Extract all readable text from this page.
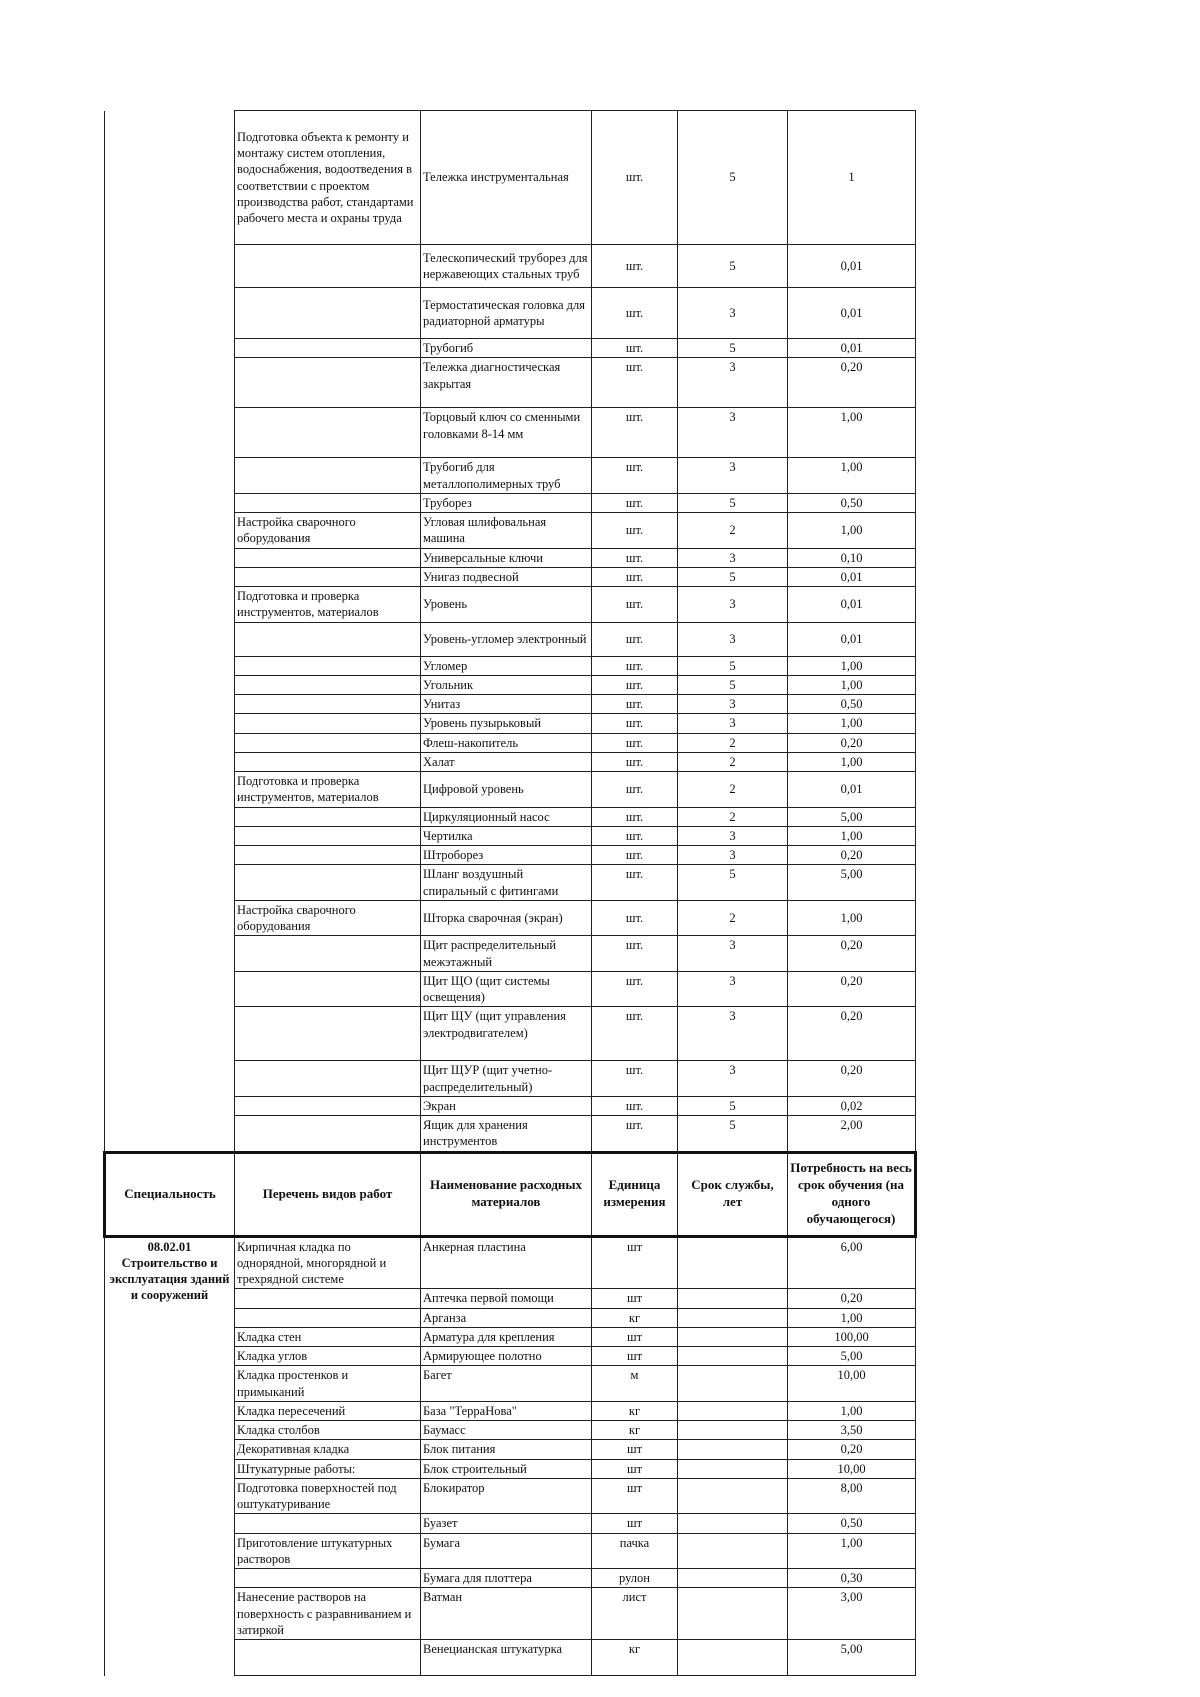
	Подготовка объекта к ремонту и монтажу систем отопления, водоснабжения, водоотведения в соответствии с проектом производства работ, стандартами рабочего места и охраны труда	Тележка инструментальная	шт.	5	1
		Телескопический труборез для нержавеющих стальных труб	шт.	5	0,01
		Термостатическая головка для радиаторной арматуры	шт.	3	0,01
		Трубогиб	шт.	5	0,01
		Тележка диагностическая закрытая	шт.	3	0,20
		Торцовый ключ со сменными головками 8-14 мм	шт.	3	1,00
		Трубогиб для металлополимерных труб	шт.	3	1,00
		Труборез	шт.	5	0,50
	Настройка сварочного оборудования	Угловая шлифовальная машина	шт.	2	1,00
		Универсальные ключи	шт.	3	0,10
		Унигаз подвесной	шт.	5	0,01
	Подготовка и проверка инструментов, материалов	Уровень	шт.	3	0,01
		Уровень-угломер электронный	шт.	3	0,01
		Угломер	шт.	5	1,00
		Угольник	шт.	5	1,00
		Унитаз	шт.	3	0,50
		Уровень пузырьковый	шт.	3	1,00
		Флеш-накопитель	шт.	2	0,20
		Халат	шт.	2	1,00
	Подготовка и проверка инструментов, материалов	Цифровой уровень	шт.	2	0,01
		Циркуляционный насос	шт.	2	5,00
		Чертилка	шт.	3	1,00
		Штроборез	шт.	3	0,20
		Шланг воздушный спиральный с фитингами	шт.	5	5,00
	Настройка сварочного оборудования	Шторка сварочная (экран)	шт.	2	1,00
		Щит распределительный межэтажный	шт.	3	0,20
		Щит ЩО (щит системы освещения)	шт.	3	0,20
		Щит ЩУ (щит управления электродвигателем)	шт.	3	0,20
		Щит ЩУР (щит учетно-распределительный)	шт.	3	0,20
		Экран	шт.	5	0,02
		Ящик для хранения инструментов	шт.	5	2,00
Специальность	Перечень видов работ	Наименование расходных материалов	Единица измерения	Срок службы, лет	Потребность на весь срок обучения (на одного обучающегося)
08.02.01 Строительство и эксплуатация зданий и сооружений	Кирпичная кладка по однорядной, многорядной и трехрядной системе	Анкерная пластина	шт		6,00
		Аптечка первой помощи	шт		0,20
		Арганза	кг		1,00
	Кладка стен	Арматура для крепления	шт		100,00
	Кладка углов	Армирующее полотно	шт		5,00
	Кладка простенков и примыканий	Багет	м		10,00
	Кладка пересечений	База "ТерраНова"	кг		1,00
	Кладка столбов	Баумасс	кг		3,50
	Декоративная кладка	Блок питания	шт		0,20
	Штукатурные работы:	Блок строительный	шт		10,00
	Подготовка поверхностей под оштукатуривание	Блокиратор	шт		8,00
		Буазет	шт		0,50
	Приготовление штукатурных растворов	Бумага	пачка		1,00
		Бумага для плоттера	рулон		0,30
	Нанесение растворов на поверхность с разравниванием и затиркой	Ватман	лист		3,00
		Венецианская штукатурка	кг		5,00
